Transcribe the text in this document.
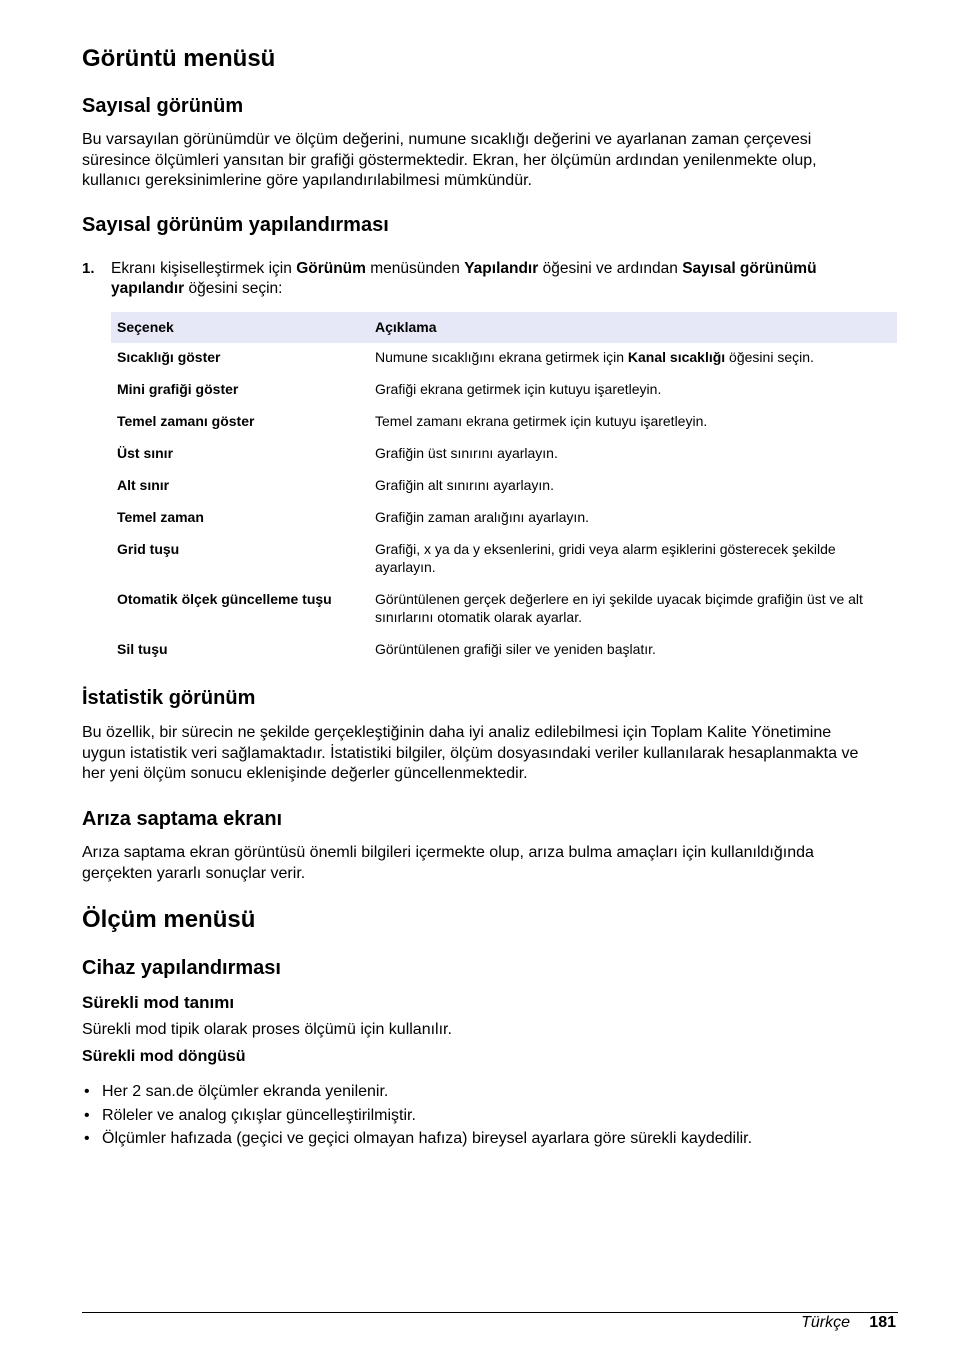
Görüntü menüsü
Sayısal görünüm

Bu varsayılan görünümdür ve ölçüm değerini, numune sıcaklığı değerini ve ayarlanan zaman çerçevesi süresince ölçümleri yansıtan bir grafiği göstermektedir. Ekran, her ölçümün ardından yenilenmekte olup, kullanıcı gereksinimlerine göre yapılandırılabilmesi mümkündür.

Sayısal görünüm yapılandırması
1. Ekranı kişiselleştirmek için Görünüm menüsünden Yapılandır öğesini ve ardından Sayısal görünümü yapılandır öğesini seçin:
Seçenek	Açıklama
Sıcaklığı göster	Numune sıcaklığını ekrana getirmek için Kanal sıcaklığı öğesini seçin.
Mini grafiği göster	Grafiği ekrana getirmek için kutuyu işaretleyin.
Temel zamanı göster	Temel zamanı ekrana getirmek için kutuyu işaretleyin.
Üst sınır	Grafiğin üst sınırını ayarlayın.
Alt sınır	Grafiğin alt sınırını ayarlayın.
Temel zaman	Grafiğin zaman aralığını ayarlayın.
Grid tuşu	Grafiği, x ya da y eksenlerini, gridi veya alarm eşiklerini gösterecek şekilde ayarlayın.
Otomatik ölçek güncelleme tuşu	Görüntülenen gerçek değerlere en iyi şekilde uyacak biçimde grafiğin üst ve alt sınırlarını otomatik olarak ayarlar.
Sil tuşu	Görüntülenen grafiği siler ve yeniden başlatır.
İstatistik görünüm

Bu özellik, bir sürecin ne şekilde gerçekleştiğinin daha iyi analiz edilebilmesi için Toplam Kalite Yönetimine uygun istatistik veri sağlamaktadır. İstatistiki bilgiler, ölçüm dosyasındaki veriler kullanılarak hesaplanmakta ve her yeni ölçüm sonucu eklenişinde değerler güncellenmektedir.

Arıza saptama ekranı

Arıza saptama ekran görüntüsü önemli bilgileri içermekte olup, arıza bulma amaçları için kullanıldığında gerçekten yararlı sonuçlar verir.

Ölçüm menüsü
Cihaz yapılandırması
Sürekli mod tanımı

Sürekli mod tipik olarak proses ölçümü için kullanılır.

Sürekli mod döngüsü
• Her 2 san.de ölçümler ekranda yenilenir.
• Röleler ve analog çıkışlar güncelleştirilmiştir.
• Ölçümler hafızada (geçici ve geçici olmayan hafıza) bireysel ayarlara göre sürekli kaydedilir.
Türkçe	181
